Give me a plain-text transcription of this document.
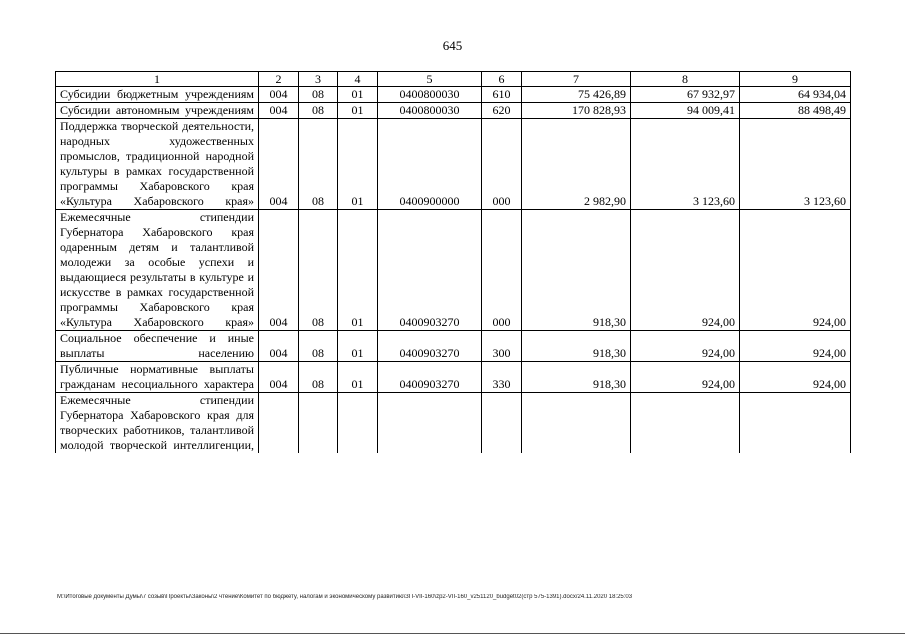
645
1	2	3	4	5	6	7	8	9
Субсидии бюджетным учреждениям	004	08	01	0400800030	610	75 426,89	67 932,97	64 934,04
Субсидии автономным учреждениям	004	08	01	0400800030	620	170 828,93	94 009,41	88 498,49
Поддержка творческой деятельности, народных художественных промыслов, традиционной народной культуры в рамках государственной программы Хабаровского края «Культура Хабаровского края»	004	08	01	0400900000	000	2 982,90	3 123,60	3 123,60
Ежемесячные стипендии Губернатора Хабаровского края одаренным детям и талантливой молодежи за особые успехи и выдающиеся результаты в культуре и искусстве в рамках государственной программы Хабаровского края «Культура Хабаровского края»	004	08	01	0400903270	000	918,30	924,00	924,00
Социальное обеспечение и иные выплаты населению	004	08	01	0400903270	300	918,30	924,00	924,00
Публичные нормативные выплаты гражданам несоциального характера	004	08	01	0400903270	330	918,30	924,00	924,00
Ежемесячные стипендии Губернатора Хабаровского края для творческих работников, талантливой молодой творческой интеллигенции,								
M:\Итоговые документы Думы\7 созыв\Проекты\Законы\2 чтение\Комитет по бюджету, налогам и экономическому развитию\ЗП-VII-160\zp2-VII-160_v251120_budget02(стр 575-1391).docx/24.11.2020 18:25:03
